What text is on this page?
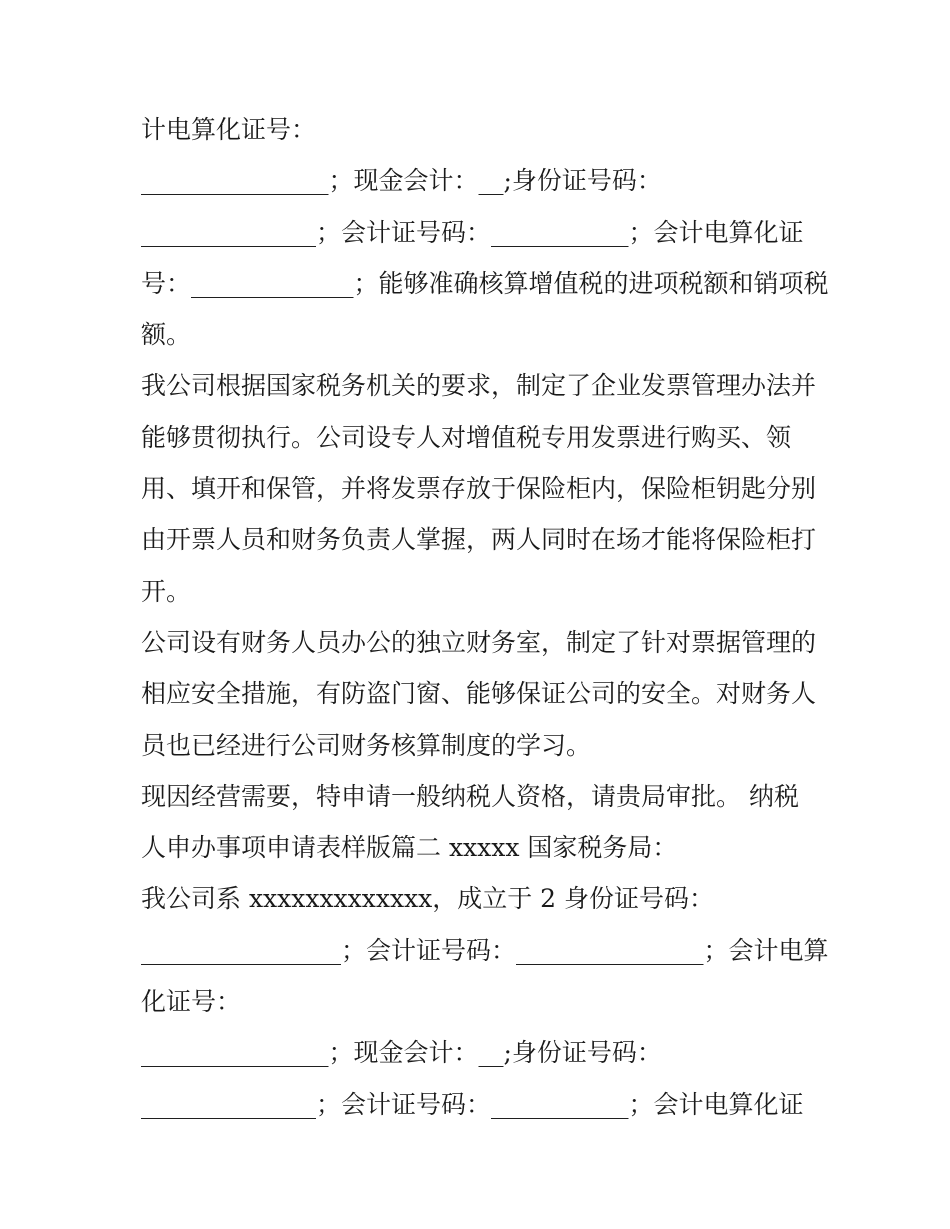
计电算化证号：
_______________；现金会计：__;身份证号码：
______________；会计证号码：___________；会计电算化证
号：_____________；能够准确核算增值税的进项税额和销项税
额。
我公司根据国家税务机关的要求，制定了企业发票管理办法并
能够贯彻执行。公司设专人对增值税专用发票进行购买、领
用、填开和保管，并将发票存放于保险柜内，保险柜钥匙分别
由开票人员和财务负责人掌握，两人同时在场才能将保险柜打
开。
公司设有财务人员办公的独立财务室，制定了针对票据管理的
相应安全措施，有防盗门窗、能够保证公司的安全。对财务人
员也已经进行公司财务核算制度的学习。
现因经营需要，特申请一般纳税人资格，请贵局审批。 纳税
人申办事项申请表样版篇二 xxxxx 国家税务局：
我公司系 xxxxxxxxxxxxx，成立于 2 身份证号码：
________________；会计证号码：_______________；会计电算
化证号：
_______________；现金会计：__;身份证号码：
______________；会计证号码：___________；会计电算化证
